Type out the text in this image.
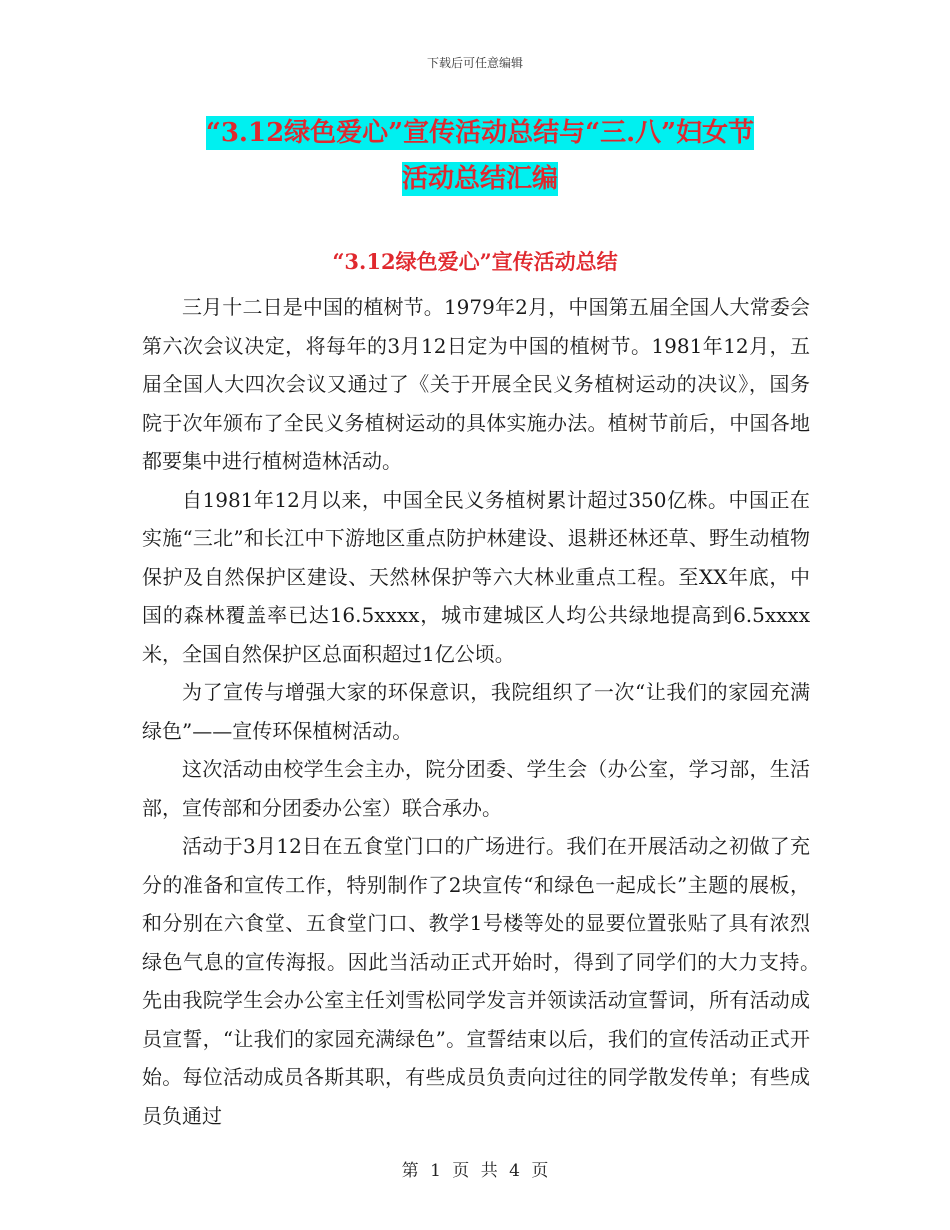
下载后可任意编辑
“3.12绿色爱心”宣传活动总结与“三.八”妇女节
活动总结汇编
“3.12绿色爱心”宣传活动总结

三月十二日是中国的植树节。1979年2月，中国第五届全国人大常委会第六次会议决定，将每年的3月12日定为中国的植树节。1981年12月，五届全国人大四次会议又通过了《关于开展全民义务植树运动的决议》，国务院于次年颁布了全民义务植树运动的具体实施办法。植树节前后，中国各地都要集中进行植树造林活动。

自1981年12月以来，中国全民义务植树累计超过350亿株。中国正在实施“三北”和长江中下游地区重点防护林建设、退耕还林还草、野生动植物保护及自然保护区建设、天然林保护等六大林业重点工程。至XX年底，中国的森林覆盖率已达16.5xxxx，城市建城区人均公共绿地提高到6.5xxxx米，全国自然保护区总面积超过1亿公顷。

为了宣传与增强大家的环保意识，我院组织了一次“让我们的家园充满绿色”——宣传环保植树活动。

这次活动由校学生会主办，院分团委、学生会（办公室，学习部，生活部，宣传部和分团委办公室）联合承办。

活动于3月12日在五食堂门口的广场进行。我们在开展活动之初做了充分的准备和宣传工作，特别制作了2块宣传“和绿色一起成长”主题的展板，和分别在六食堂、五食堂门口、教学1号楼等处的显要位置张贴了具有浓烈绿色气息的宣传海报。因此当活动正式开始时，得到了同学们的大力支持。　　先由我院学生会办公室主任刘雪松同学发言并领读活动宣誓词，所有活动成员宣誓，“让我们的家园充满绿色”。宣誓结束以后，我们的宣传活动正式开始。每位活动成员各斯其职，有些成员负责向过往的同学散发传单；有些成员负通过

第 1 页 共 4 页
